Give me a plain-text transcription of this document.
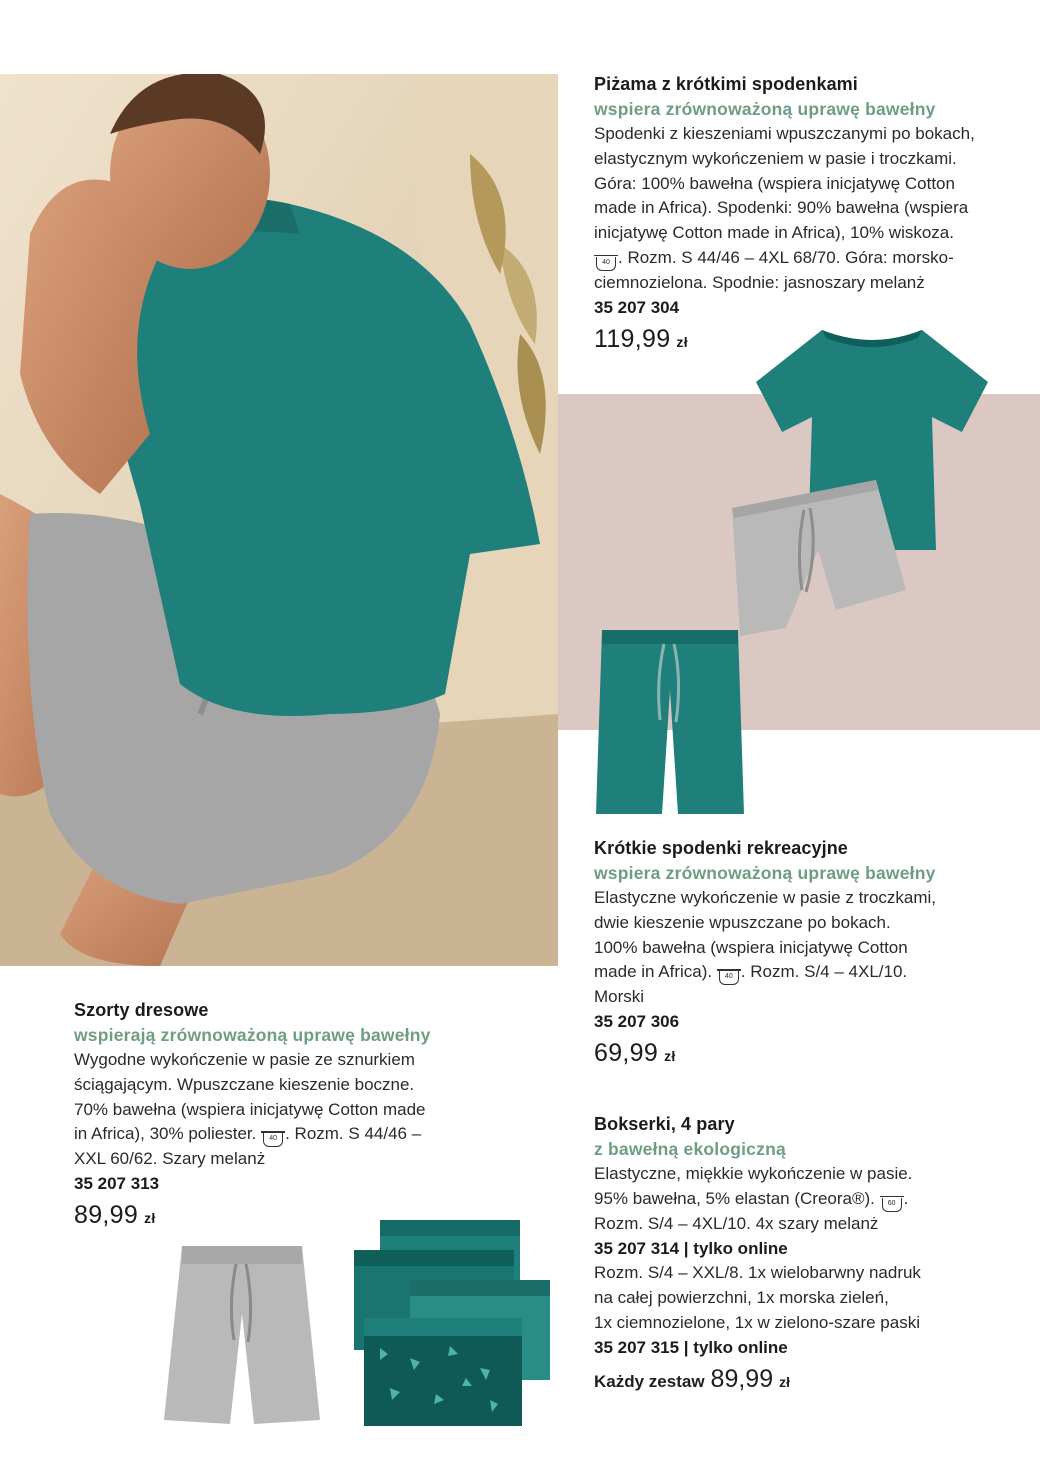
Piżama z krótkimi spodenkami
wspiera zrównoważoną uprawę bawełny
Spodenki z kieszeniami wpuszczanymi po bokach,
elastycznym wykończeniem w pasie i troczkami.
Góra: 100% bawełna (wspiera inicjatywę Cotton
made in Africa). Spodenki: 90% bawełna (wspiera
inicjatywę Cotton made in Africa), 10% wiskoza.
40 . Rozm. S 44/46 – 4XL 68/70. Góra: morsko-
ciemnozielona. Spodnie: jasnoszary melanż
35 207 304
119,99 zł
Krótkie spodenki rekreacyjne
wspiera zrównoważoną uprawę bawełny
Elastyczne wykończenie w pasie z troczkami,
dwie kieszenie wpuszczane po bokach.
100% bawełna (wspiera inicjatywę Cotton
made in Africa). 40 . Rozm. S/4 – 4XL/10.
Morski
35 207 306
69,99 zł
Szorty dresowe
wspierają zrównoważoną uprawę bawełny
Wygodne wykończenie w pasie ze sznurkiem
ściągającym. Wpuszczane kieszenie boczne.
70% bawełna (wspiera inicjatywę Cotton made
in Africa), 30% poliester. 40 . Rozm. S 44/46 –
XXL 60/62. Szary melanż
35 207 313
89,99 zł
Bokserki, 4 pary
z bawełną ekologiczną
Elastyczne, miękkie wykończenie w pasie.
95% bawełna, 5% elastan (Creora®). 60 .
Rozm. S/4 – 4XL/10. 4x szary melanż
35 207 314 | tylko online
Rozm. S/4 – XXL/8. 1x wielobarwny nadruk
na całej powierzchni, 1x morska zieleń,
1x ciemnozielone, 1x w zielono-szare paski
35 207 315 | tylko online
Każdy zestaw 89,99 zł
